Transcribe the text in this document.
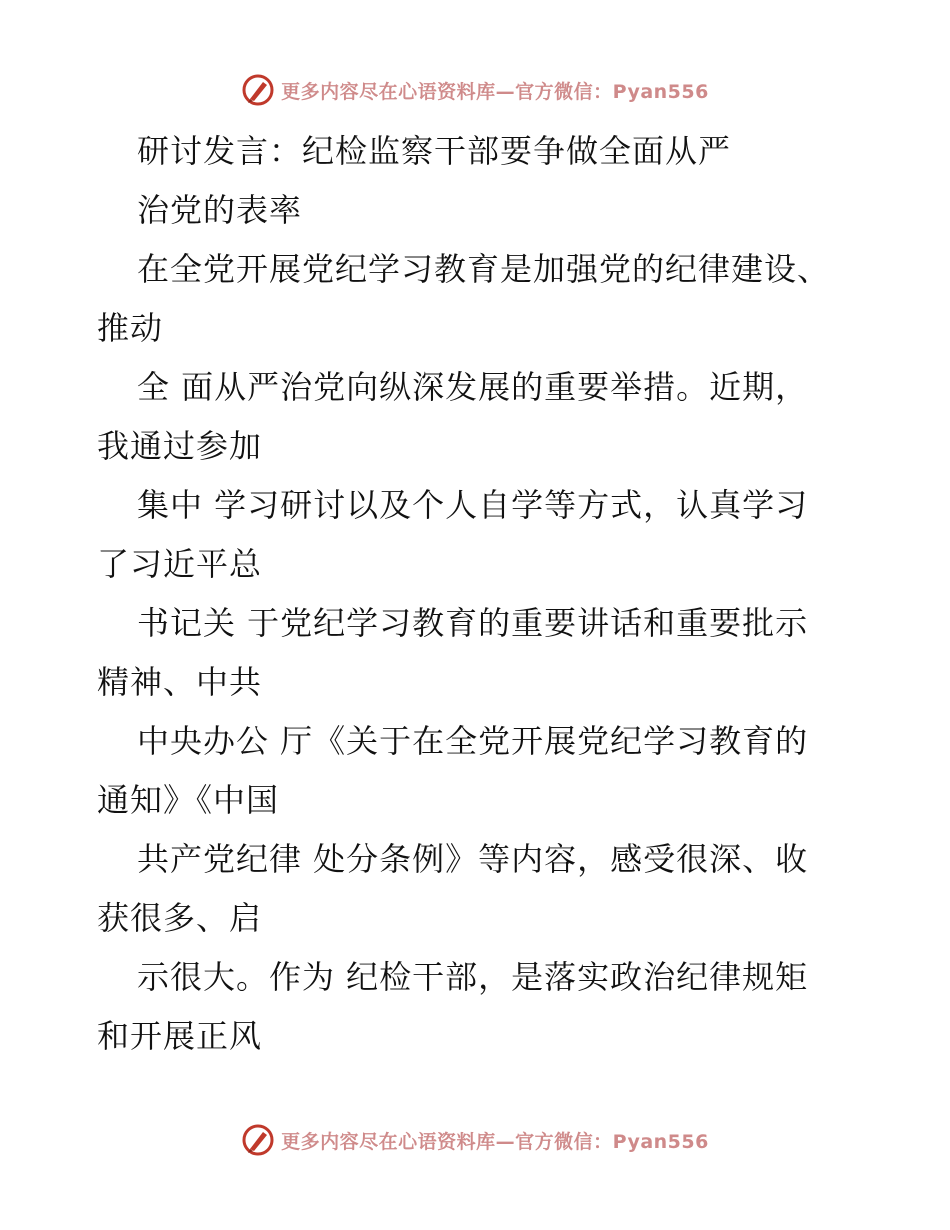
更多内容尽在心语资料库—官方微信：Pyan556
研讨发言：纪检监察干部要争做全面从严
治党的表率
在全党开展党纪学习教育是加强党的纪律建设、
推动
全 面从严治党向纵深发展的重要举措。近期，
我通过参加
集中 学习研讨以及个人自学等方式，认真学习
了习近平总
书记关 于党纪学习教育的重要讲话和重要批示
精神、中共
中央办公 厅《关于在全党开展党纪学习教育的
通知》《中国
共产党纪律 处分条例》等内容，感受很深、收
获很多、启
示很大。作为 纪检干部，是落实政治纪律规矩
和开展正风
更多内容尽在心语资料库—官方微信：Pyan556
